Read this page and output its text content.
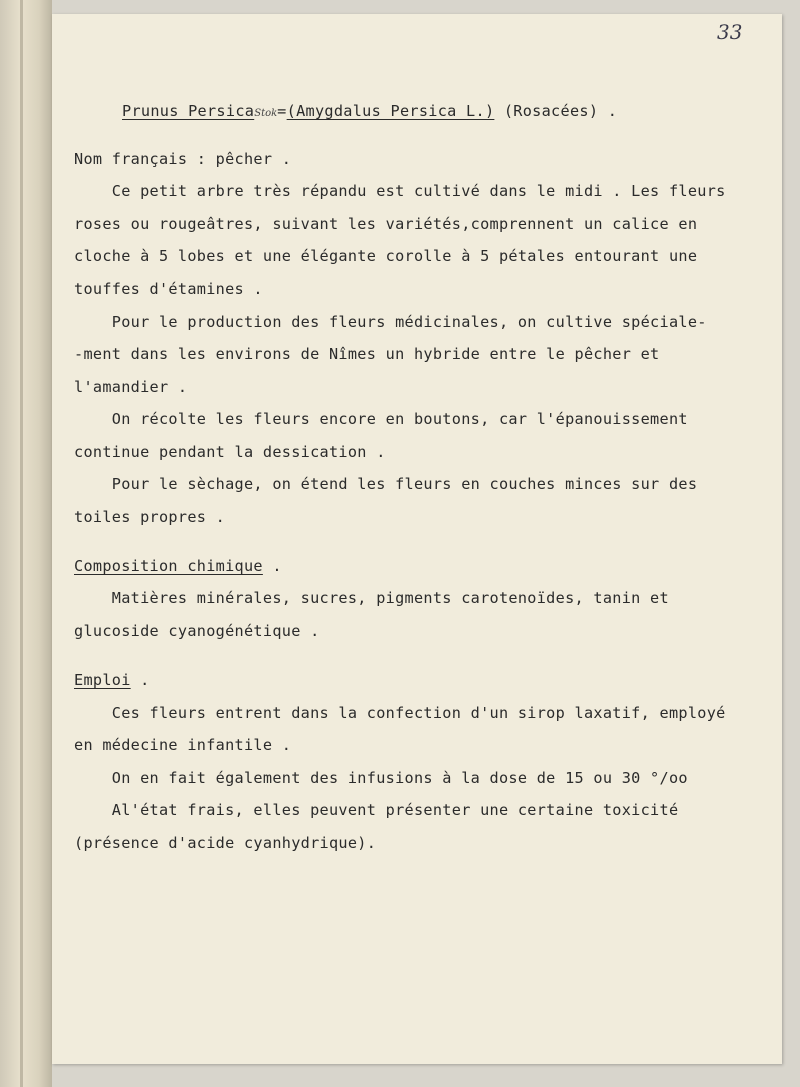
33
Prunus PersicaStok=(Amygdalus Persica L.) (Rosacées) .
Nom français : pêcher .
Ce petit arbre très répandu est cultivé dans le midi . Les fleurs
roses ou rougeâtres, suivant les variétés,comprennent un calice en
cloche à 5 lobes et une élégante corolle à 5 pétales entourant une
touffes d'étamines .
Pour le production des fleurs médicinales, on cultive spéciale-
-ment dans les environs de Nîmes un hybride entre le pêcher et
l'amandier .
On récolte les fleurs encore en boutons, car l'épanouissement
continue pendant la dessication .
Pour le sèchage, on étend les fleurs en couches minces sur des
toiles propres .
Composition chimique .
Matières minérales, sucres, pigments carotenoïdes, tanin et
glucoside cyanogénétique .
Emploi .
Ces fleurs entrent dans la confection d'un sirop laxatif, employé
en médecine infantile .
On en fait également des infusions à la dose de 15 ou 30 °/oo
Al'état frais, elles peuvent présenter une certaine toxicité
(présence d'acide cyanhydrique).
